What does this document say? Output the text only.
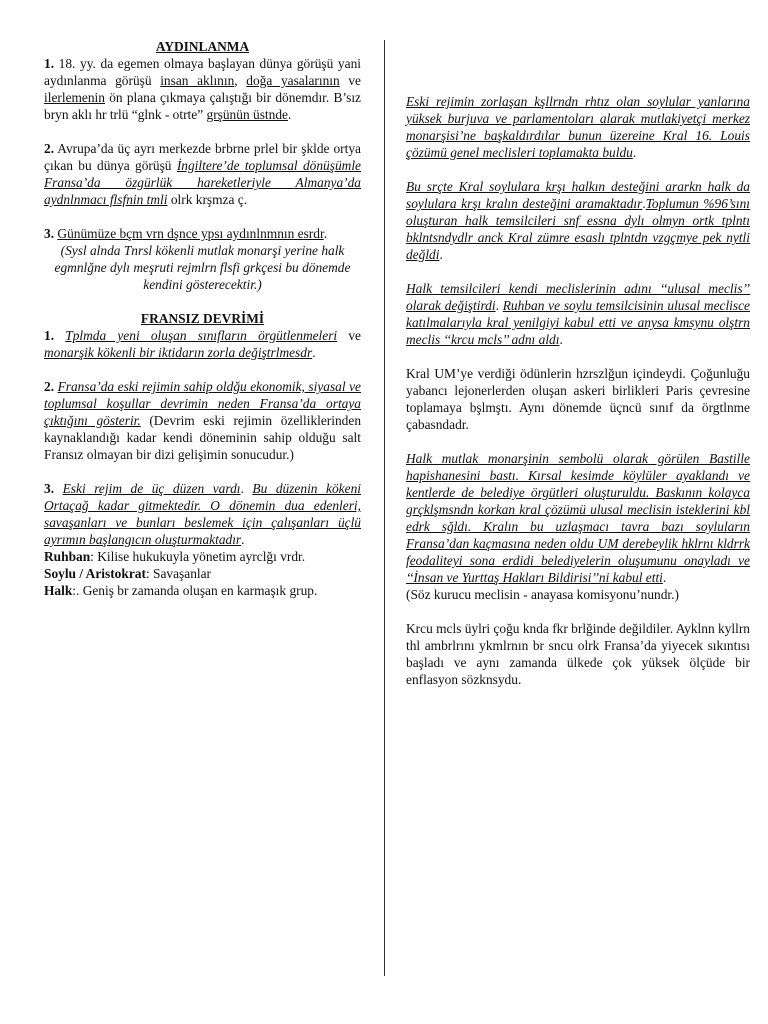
AYDINLANMA

1. 18. yy. da egemen olmaya başlayan dünya görüşü yani aydınlanma görüşü insan aklının, doğa yasalarının ve ilerlemenin ön plana çıkmaya çalıştığı bir dönemdır. B’sız bryn aklı hr trlü “glnk - otrte” grşünün üstnde.

2. Avrupa’da üç ayrı merkezde brbrne prlel bir şklde ortya çıkan bu dünya görüşü İngiltere’de toplumsal dönüşümle Fransa’da özgürlük hareketleriyle Almanya’da aydnlnmacı flsfnin tmli olrk krşmza ç.

3. Günümüze bçm vrn dşnce ypsı aydınlnmnın esrdr.

(Sysl alnda Tnrsl kökenli mutlak monarşi yerine halk egmnlğne dylı meşruti rejmlrn flsfi grkçesi bu dönemde kendini gösterecektir.)

FRANSIZ DEVRİMİ

1. Tplmda yeni oluşan sınıfların örgütlenmeleri ve monarşik kökenli bir iktidarın zorla değiştrlmesdr.

2. Fransa’da eski rejimin sahip oldğu ekonomik, siyasal ve toplumsal koşullar devrimin neden Fransa’da ortaya çıktığını gösterir. (Devrim eski rejimin özelliklerinden kaynaklandığı kadar kendi döneminin sahip olduğu salt Fransız olmayan bir dizi gelişimin sonucudur.)

3. Eski rejim de üç düzen vardı. Bu düzenin kökeni Ortaçağ kadar gitmektedir. O dönemin dua edenleri, savaşanları ve bunları beslemek için çalışanları üçlü ayrımın başlangıcın oluşturmaktadır.

Ruhban: Kilise hukukuyla yönetim ayrclğı vrdr.

Soylu / Aristokrat: Savaşanlar

Halk:. Geniş br zamanda oluşan en karmaşık grup.

Eski rejimin zorlaşan kşllrndn rhtız olan soylular yanlarına yüksek burjuva ve parlamentoları alarak mutlakiyetçi merkez monarşisi’ne başkaldırdılar bunun üzereine Kral 16. Louis çözümü genel meclisleri toplamakta buldu.

Bu srçte Kral soylulara krşı halkın desteğini ararkn halk da soylulara krşı kralın desteğini aramaktadır.Toplumun %96’sını oluşturan halk temsilcileri snf essna dylı olmyn ortk tplntı bklntsndydlr anck Kral zümre esaslı tplntdn vzgçmye pek nytli değldi.

Halk temsilcileri kendi meclislerinin adını ‘‘ulusal meclis’’ olarak değiştirdi. Ruhban ve soylu temsilcisinin ulusal meclisce katılmalarıyla kral yenilgiyi kabul etti ve anysa kmsynu olştrn meclis ‘‘krcu mcls’’ adnı aldı.

Kral UM’ye verdiği ödünlerin hzrszlğun içindeydi. Çoğunluğu yabancı lejonerlerden oluşan askeri birlikleri Paris çevresine toplamaya bşlmştı. Aynı dönemde üçncü sınıf da örgtlnme çabasndadr.

Halk mutlak monarşinin sembolü olarak görülen Bastille hapishanesini bastı. Kırsal kesimde köylüler ayaklandı ve kentlerde de belediye örgütleri oluşturuldu. Baskının kolayca grçklşmsndn korkan kral çözümü ulusal meclisin isteklerini kbl edrk sğldı. Kralın bu uzlaşmacı tavra bazı soyluların Fransa’dan kaçmasına neden oldu UM derebeylik hklrnı kldrrk feodaliteyi sona erdidi belediyelerin oluşumunu onayladı ve ‘‘İnsan ve Yurttaş Hakları Bildirisi’’ni kabul etti.

(Söz kurucu meclisin - anayasa komisyonu’nundr.)

Krcu mcls üylri çoğu knda fkr brlğinde değildiler. Ayklnn kyllrn thl ambrlrını ykmlrnın br sncu olrk Fransa’da yiyecek sıkıntısı başladı ve aynı zamanda ülkede çok yüksek ölçüde bir enflasyon sözknsydu.
